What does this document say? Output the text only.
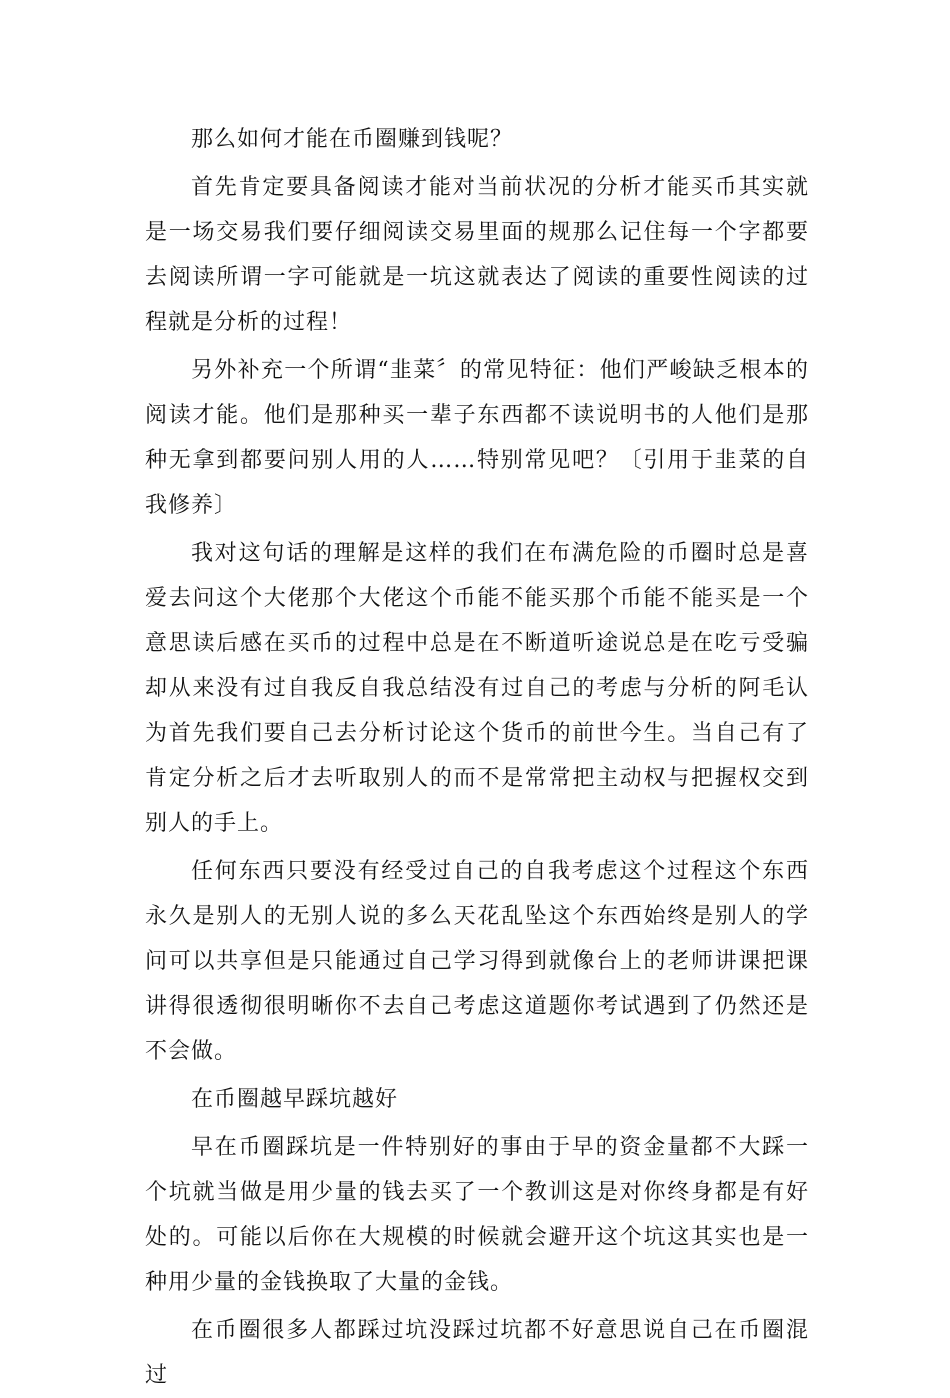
那么如何才能在币圈赚到钱呢？

首先肯定要具备阅读才能对当前状况的分析才能买币其实就是一场交易我们要仔细阅读交易里面的规那么记住每一个字都要去阅读所谓一字可能就是一坑这就表达了阅读的重要性阅读的过程就是分析的过程！

另外补充一个所谓“韭菜〞的常见特征：他们严峻缺乏根本的阅读才能。他们是那种买一辈子东西都不读说明书的人他们是那种无拿到都要问别人用的人……特别常见吧？〔引用于韭菜的自我修养〕

我对这句话的理解是这样的我们在布满危险的币圈时总是喜爱去问这个大佬那个大佬这个币能不能买那个币能不能买是一个意思读后感在买币的过程中总是在不断道听途说总是在吃亏受骗却从来没有过自我反自我总结没有过自己的考虑与分析的阿毛认为首先我们要自己去分析讨论这个货币的前世今生。当自己有了肯定分析之后才去听取别人的而不是常常把主动权与把握权交到别人的手上。

任何东西只要没有经受过自己的自我考虑这个过程这个东西永久是别人的无别人说的多么天花乱坠这个东西始终是别人的学问可以共享但是只能通过自己学习得到就像台上的老师讲课把课讲得很透彻很明晰你不去自己考虑这道题你考试遇到了仍然还是不会做。

在币圈越早踩坑越好

早在币圈踩坑是一件特别好的事由于早的资金量都不大踩一个坑就当做是用少量的钱去买了一个教训这是对你终身都是有好处的。可能以后你在大规模的时候就会避开这个坑这其实也是一种用少量的金钱换取了大量的金钱。

在币圈很多人都踩过坑没踩过坑都不好意思说自己在币圈混过
